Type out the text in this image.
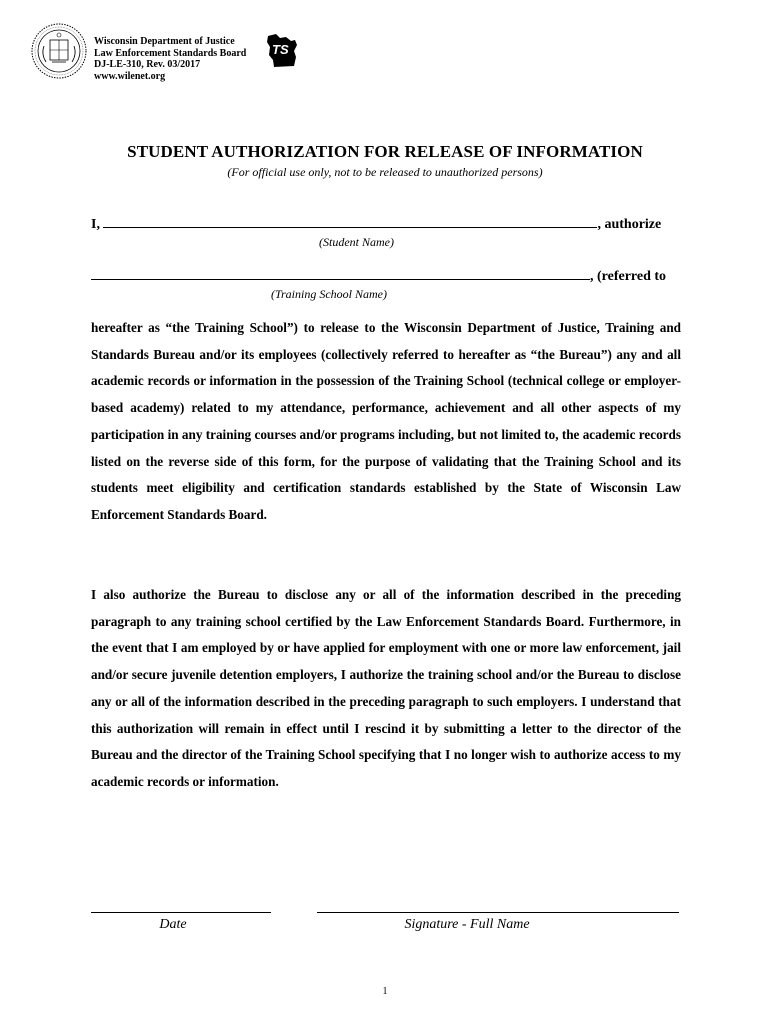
Wisconsin Department of Justice
Law Enforcement Standards Board
DJ-LE-310, Rev. 03/2017
www.wilenet.org
TS
STUDENT AUTHORIZATION FOR RELEASE OF INFORMATION
(For official use only, not to be released to unauthorized persons)
I,	, authorize
(Student Name)
, (referred to
(Training School Name)
hereafter as “the Training School”) to release to the Wisconsin Department of Justice, Training and Standards Bureau and/or its employees (collectively referred to hereafter as “the Bureau”) any and all academic records or information in the possession of the Training School (technical college or employer-based academy) related to my attendance, performance, achievement and all other aspects of my participation in any training courses and/or programs including, but not limited to, the academic records listed on the reverse side of this form, for the purpose of validating that the Training School and its students meet eligibility and certification standards established by the State of Wisconsin Law Enforcement Standards Board.
I also authorize the Bureau to disclose any or all of the information described in the preceding paragraph to any training school certified by the Law Enforcement Standards Board. Furthermore, in the event that I am employed by or have applied for employment with one or more law enforcement, jail and/or secure juvenile detention employers, I authorize the training school and/or the Bureau to disclose any or all of the information described in the preceding paragraph to such employers. I understand that this authorization will remain in effect until I rescind it by submitting a letter to the director of the Bureau and the director of the Training School specifying that I no longer wish to authorize access to my academic records or information.
Date	Signature - Full Name
1
